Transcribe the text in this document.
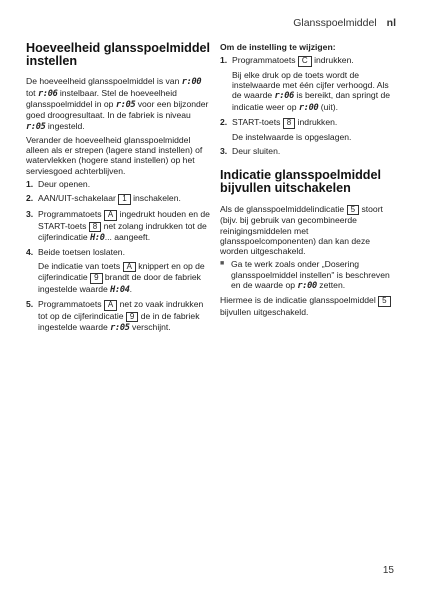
Glansspoelmiddel nl
Hoeveelheid glansspoelmiddel instellen

De hoeveelheid glansspoelmiddel is van r:00 tot r:06 instelbaar. Stel de hoeveelheid glansspoelmiddel in op r:05 voor een bijzonder goed droogresultaat. In de fabriek is niveau r:05 ingesteld.

Verander de hoeveelheid glansspoelmiddel alleen als er strepen (lagere stand instellen) of watervlekken (hogere stand instellen) op het serviesgoed achterblijven.

1. Deur openen.
2. AAN/UIT-schakelaar 1 inschakelen.
3. Programmatoets A ingedrukt houden en de START-toets 8 net zolang indrukken tot de cijferindicatie H:0... aangeeft.
4. Beide toetsen loslaten.
De indicatie van toets A knippert en op de cijferindicatie 9 brandt de door de fabriek ingestelde waarde H:04.
5. Programmatoets A net zo vaak indrukken tot op de cijferindicatie 9 de in de fabriek ingestelde waarde r:05 verschijnt.
Om de instelling te wijzigen:
1. Programmatoets C indrukken.
Bij elke druk op de toets wordt de instelwaarde met één cijfer verhoogd. Als de waarde r:06 is bereikt, dan springt de indicatie weer op r:00 (uit).
2. START-toets 8 indrukken.
De instelwaarde is opgeslagen.
3. Deur sluiten.
Indicatie glansspoelmiddel bijvullen uitschakelen

Als de glansspoelmiddelindicatie 5 stoort (bijv. bij gebruik van gecombineerde reinigingsmiddelen met glansspoelcomponenten) dan kan deze worden uitgeschakeld.

■ Ga te werk zoals onder „Dosering glansspoelmiddel instellen" is beschreven en de waarde op r:00 zetten.

Hiermee is de indicatie glansspoelmiddel 5 bijvullen uitgeschakeld.

15
